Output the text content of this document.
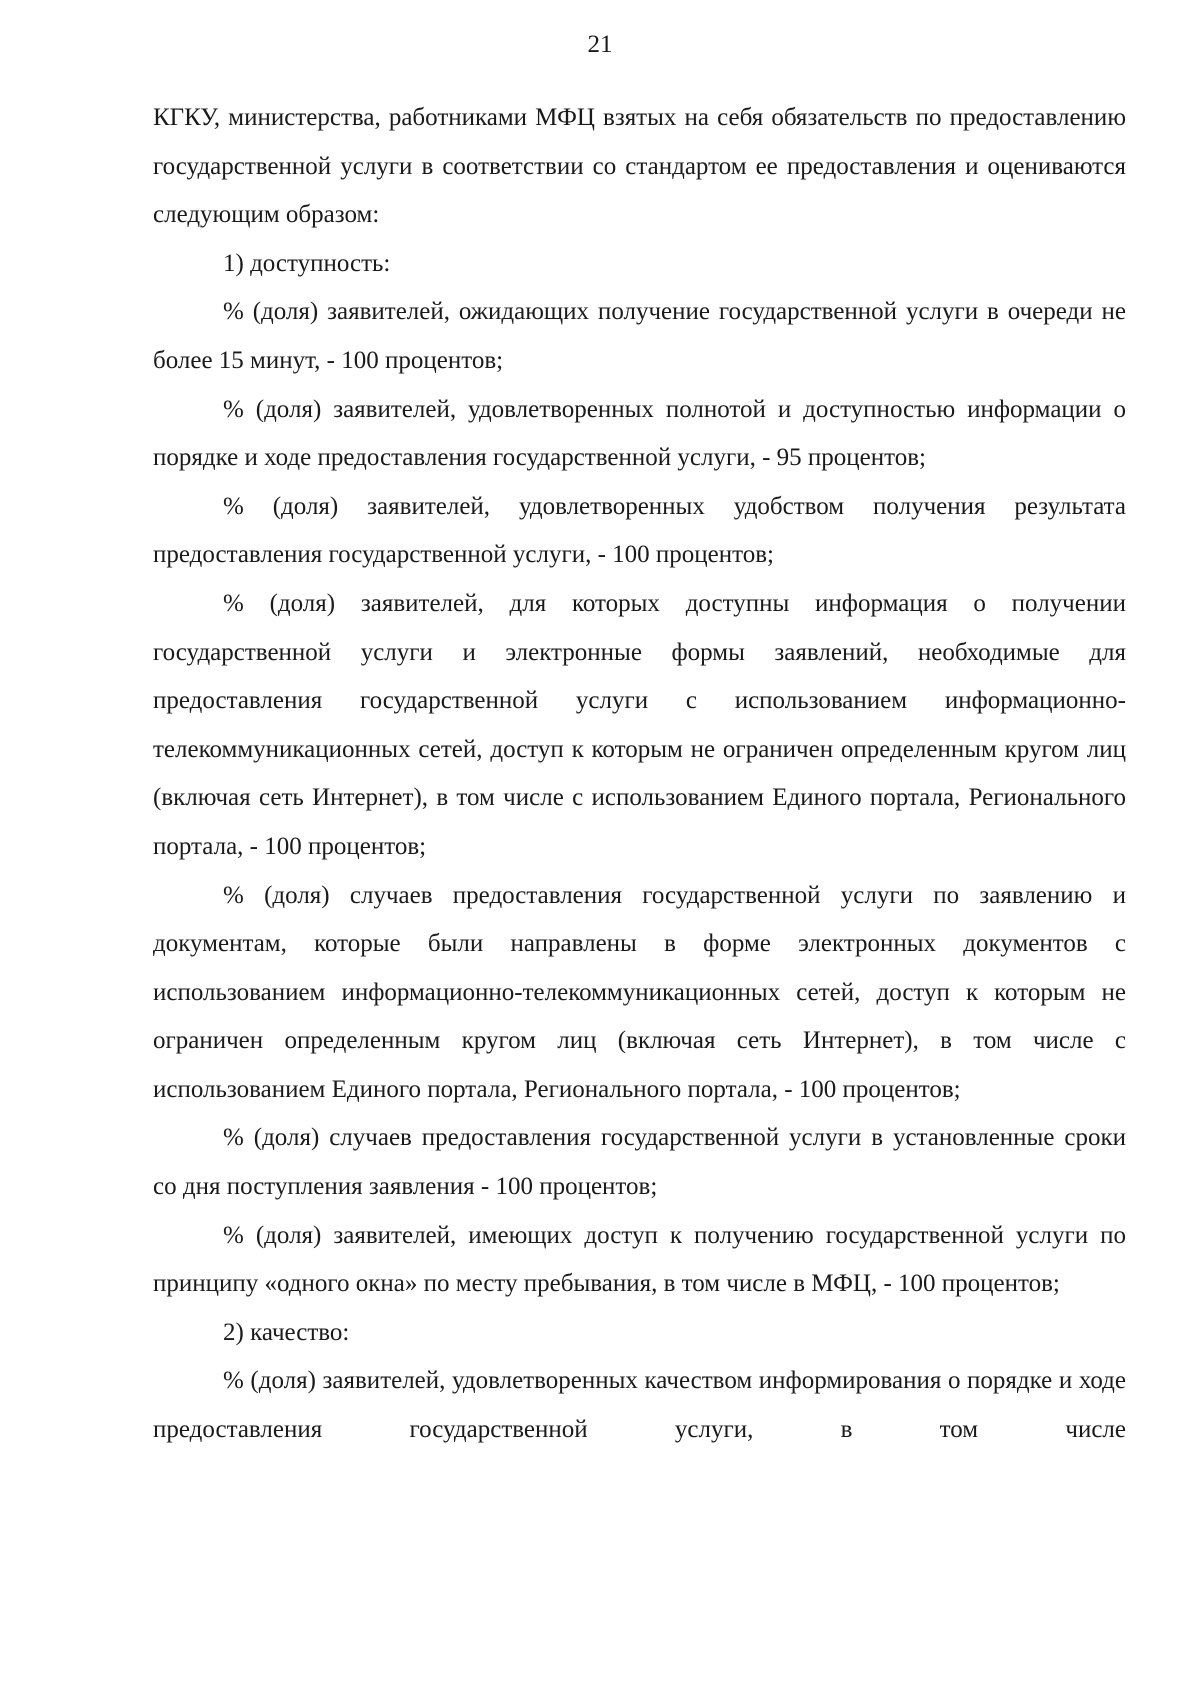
21

КГКУ, министерства, работниками МФЦ взятых на себя обязательств по предоставлению государственной услуги в соответствии со стандартом ее предоставления и оцениваются следующим образом:

1) доступность:

% (доля) заявителей, ожидающих получение государственной услуги в очереди не более 15 минут, - 100 процентов;

% (доля) заявителей, удовлетворенных полнотой и доступностью информации о порядке и ходе предоставления государственной услуги, - 95 процентов;

% (доля) заявителей, удовлетворенных удобством получения результата предоставления государственной услуги, - 100 процентов;

% (доля) заявителей, для которых доступны информация о получении государственной услуги и электронные формы заявлений, необходимые для предоставления государственной услуги с использованием информационно-телекоммуникационных сетей, доступ к которым не ограничен определенным кругом лиц (включая сеть Интернет), в том числе с использованием Единого портала, Регионального портала, - 100 процентов;

% (доля) случаев предоставления государственной услуги по заявлению и документам, которые были направлены в форме электронных документов с использованием информационно-телекоммуникационных сетей, доступ к которым не ограничен определенным кругом лиц (включая сеть Интернет), в том числе с использованием Единого портала, Регионального портала, - 100 процентов;

% (доля) случаев предоставления государственной услуги в установленные сроки со дня поступления заявления - 100 процентов;

% (доля) заявителей, имеющих доступ к получению государственной услуги по принципу «одного окна» по месту пребывания, в том числе в МФЦ, - 100 процентов;

2) качество:

% (доля) заявителей, удовлетворенных качеством информирования о порядке и ходе предоставления государственной услуги, в том числе
